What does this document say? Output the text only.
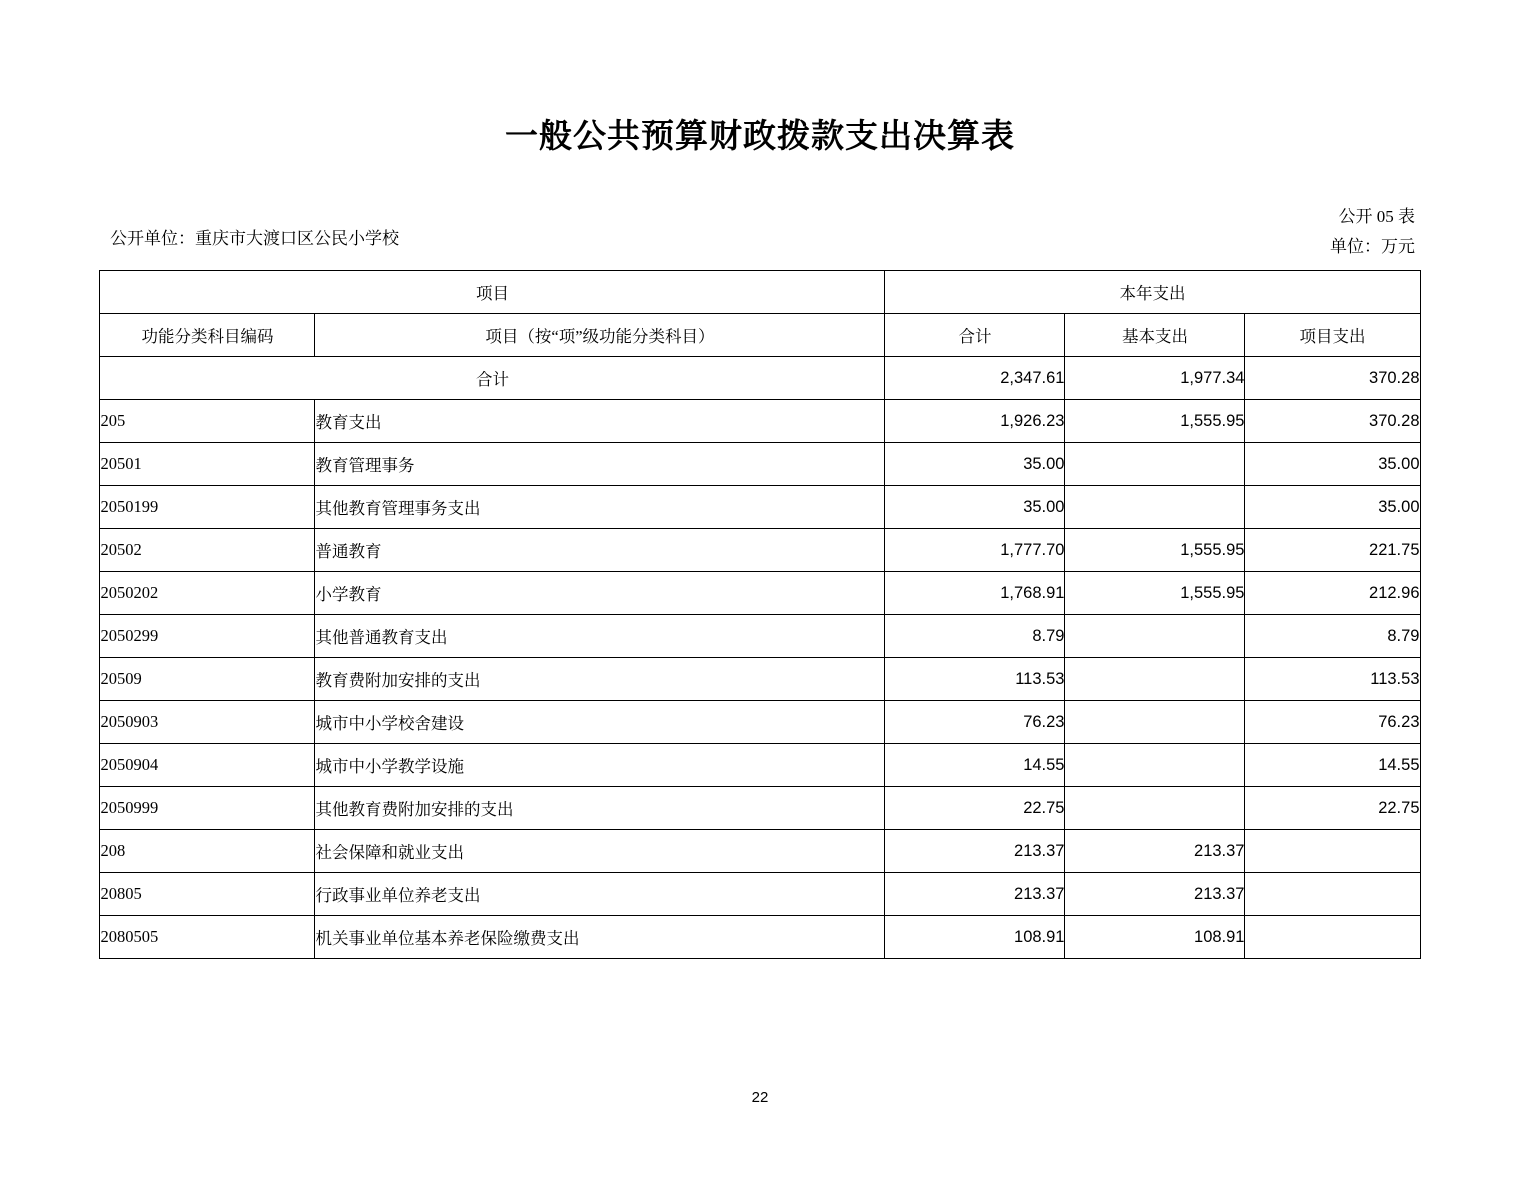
一般公共预算财政拨款支出决算表
公开单位：重庆市大渡口区公民小学校
公开 05 表
单位：万元
项目		本年支出		
功能分类科目编码	项目（按“项”级功能分类科目）	合计	基本支出	项目支出
合计		2,347.61	1,977.34	370.28
205	教育支出	1,926.23	1,555.95	370.28
20501	教育管理事务	35.00		35.00
2050199	其他教育管理事务支出	35.00		35.00
20502	普通教育	1,777.70	1,555.95	221.75
2050202	小学教育	1,768.91	1,555.95	212.96
2050299	其他普通教育支出	8.79		8.79
20509	教育费附加安排的支出	113.53		113.53
2050903	城市中小学校舍建设	76.23		76.23
2050904	城市中小学教学设施	14.55		14.55
2050999	其他教育费附加安排的支出	22.75		22.75
208	社会保障和就业支出	213.37	213.37	
20805	行政事业单位养老支出	213.37	213.37	
2080505	机关事业单位基本养老保险缴费支出	108.91	108.91	
22
